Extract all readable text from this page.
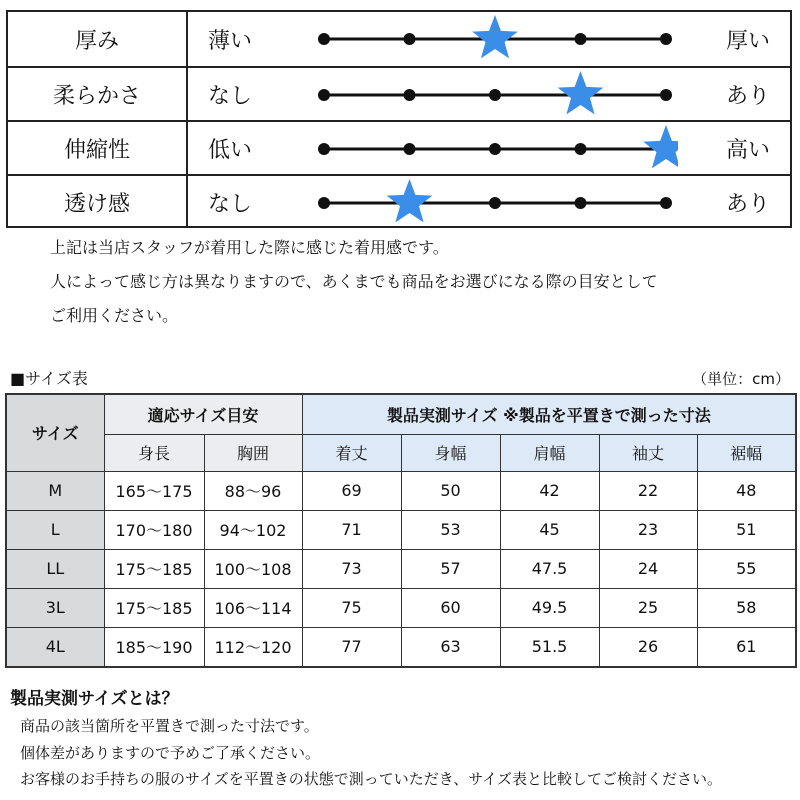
厚み	薄い	厚い
柔らかさ	なし	あり
伸縮性	低い	高い
透け感	なし	あり
上記は当店スタッフが着用した際に感じた着用感です。
人によって感じ方は異なりますので、あくまでも商品をお選びになる際の目安として
ご利用ください。
■サイズ表	（単位：cm）
サイズ	適応サイズ目安		製品実測サイズ ※製品を平置きで測った寸法				
	身長	胸囲	着丈	身幅	肩幅	袖丈	裾幅
M	165～175	88～96	69	50	42	22	48
L	170～180	94～102	71	53	45	23	51
LL	175～185	100～108	73	57	47.5	24	55
3L	175～185	106～114	75	60	49.5	25	58
4L	185～190	112～120	77	63	51.5	26	61
製品実測サイズとは？
商品の該当箇所を平置きで測った寸法です。
個体差がありますので予めご了承ください。
お客様のお手持ちの服のサイズを平置きの状態で測っていただき、サイズ表と比較してご検討ください。
